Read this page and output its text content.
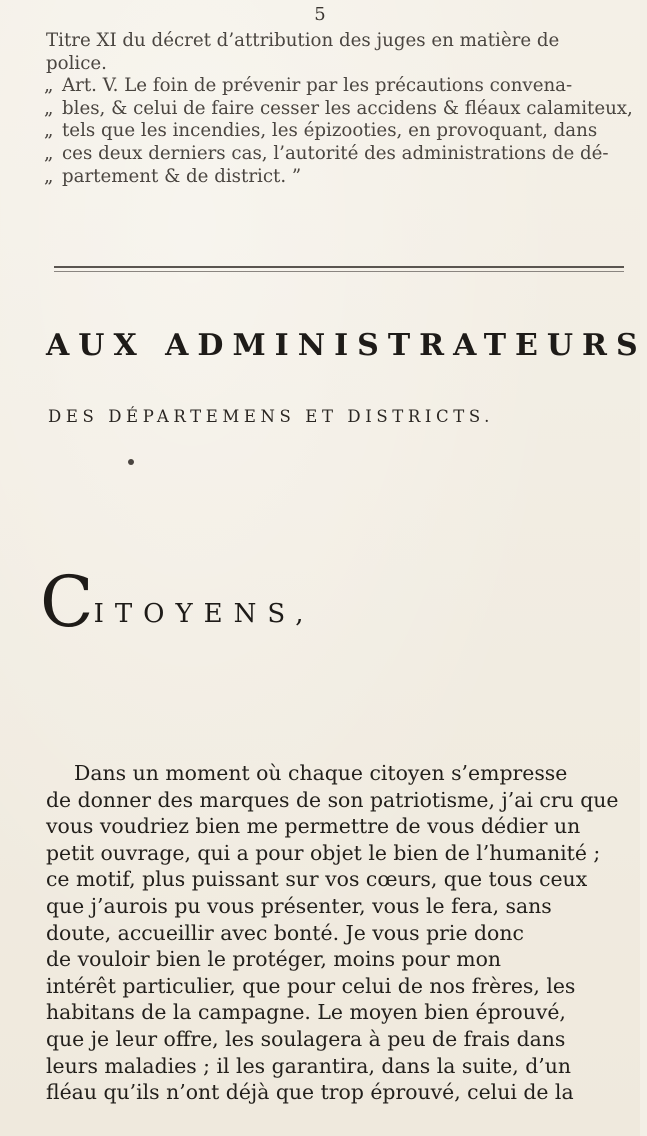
5
Titre XI du décret d’attribution des juges en matière de
police.
„ Art. V. Le foin de prévenir par les précautions convena-
„ bles, & celui de faire cesser les accidens & fléaux calamiteux,
„ tels que les incendies, les épizooties, en provoquant, dans
„ ces deux derniers cas, l’autorité des administrations de dé-
„ partement & de district. ”
AUX ADMINISTRATEURS
DES DÉPARTEMENS ET DISTRICTS.
CITOYENS,
Dans un moment où chaque citoyen s’empresse
de donner des marques de son patriotisme, j’ai cru que
vous voudriez bien me permettre de vous dédier un
petit ouvrage, qui a pour objet le bien de l’humanité ;
ce motif, plus puissant sur vos cœurs, que tous ceux
que j’aurois pu vous présenter, vous le fera, sans
doute, accueillir avec bonté. Je vous prie donc
de vouloir bien le protéger, moins pour mon
intérêt particulier, que pour celui de nos frères, les
habitans de la campagne. Le moyen bien éprouvé,
que je leur offre, les soulagera à peu de frais dans
leurs maladies ; il les garantira, dans la suite, d’un
fléau qu’ils n’ont déjà que trop éprouvé, celui de la
